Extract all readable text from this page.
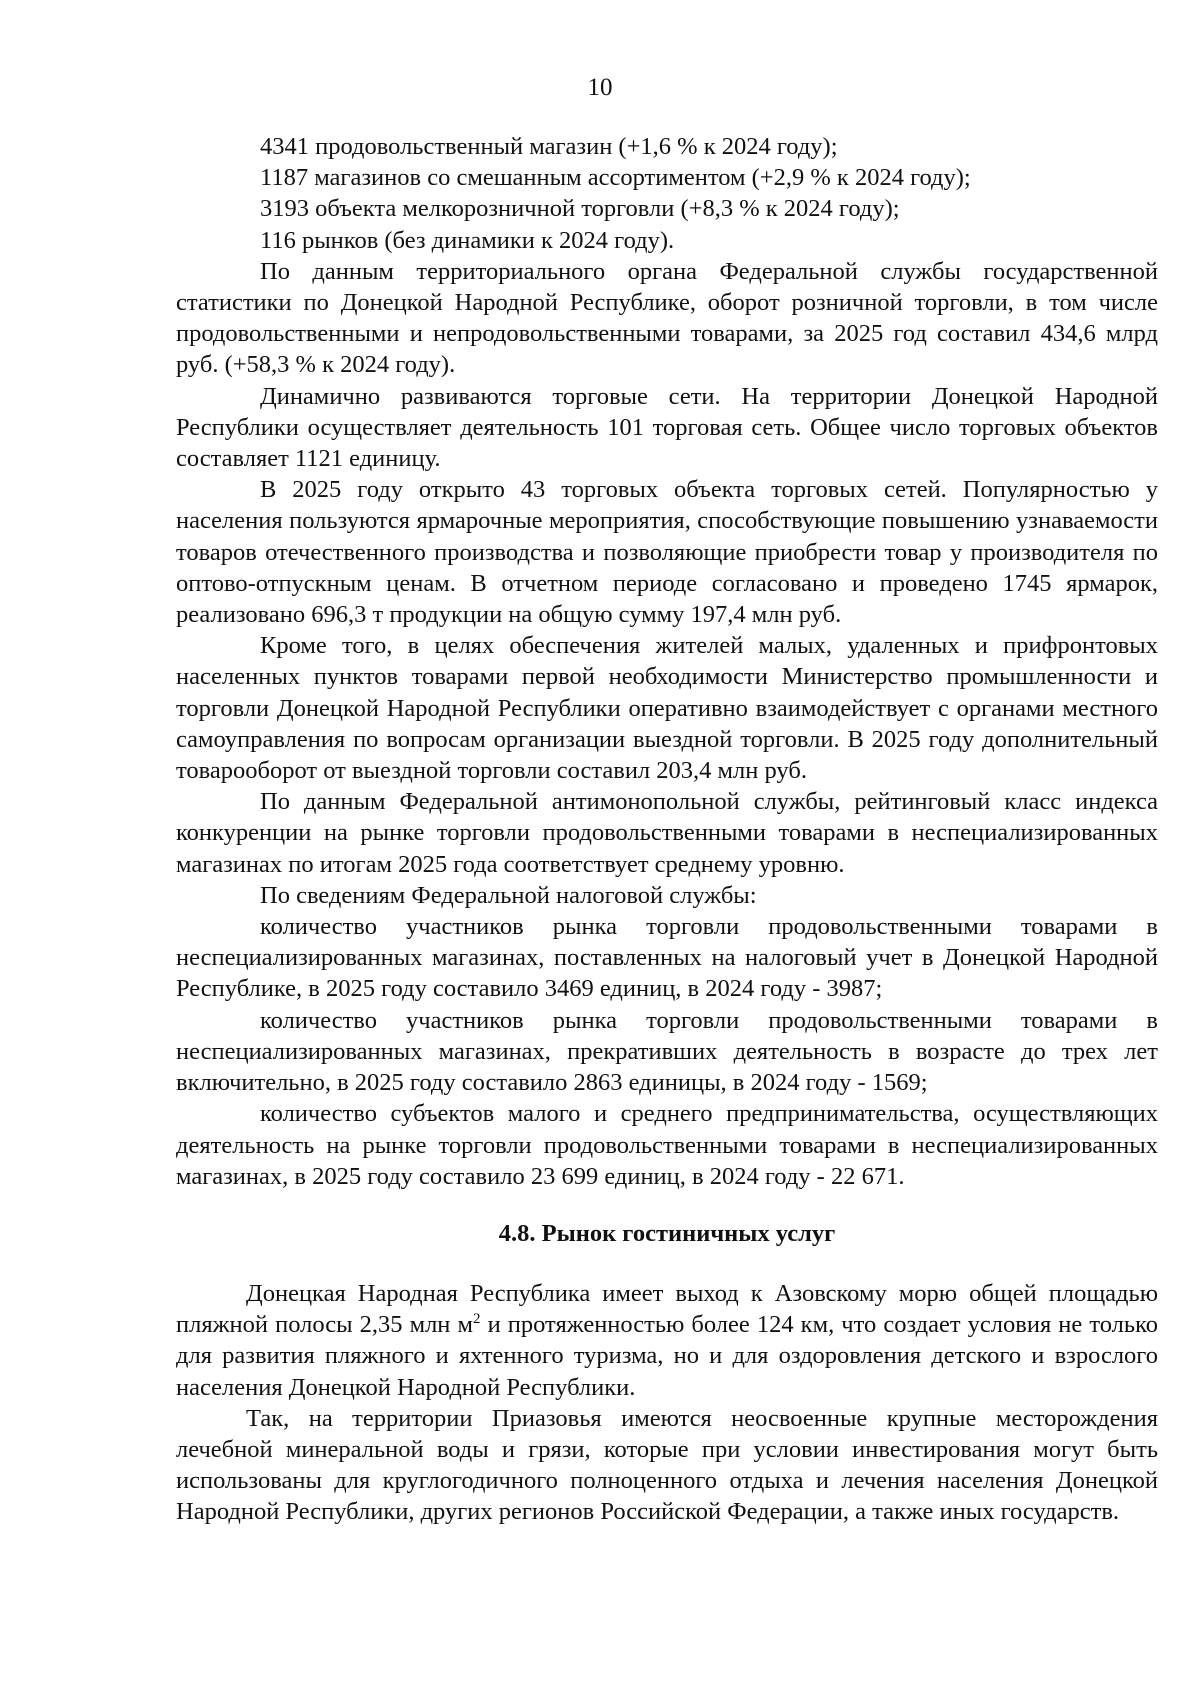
10

4341 продовольственный магазин (+1,6 % к 2024 году);

1187 магазинов со смешанным ассортиментом (+2,9 % к 2024 году);

3193 объекта мелкорозничной торговли (+8,3 % к 2024 году);

116 рынков (без динамики к 2024 году).

По данным территориального органа Федеральной службы государственной статистики по Донецкой Народной Республике, оборот розничной торговли, в том числе продовольственными и непродовольственными товарами, за 2025 год составил 434,6 млрд руб. (+58,3 % к 2024 году).

Динамично развиваются торговые сети. На территории Донецкой Народной Республики осуществляет деятельность 101 торговая сеть. Общее число торговых объектов составляет 1121 единицу.

В 2025 году открыто 43 торговых объекта торговых сетей. Популярностью у населения пользуются ярмарочные мероприятия, способствующие повышению узнаваемости товаров отечественного производства и позволяющие приобрести товар у производителя по оптово-отпускным ценам. В отчетном периоде согласовано и проведено 1745 ярмарок, реализовано 696,3 т продукции на общую сумму 197,4 млн руб.

Кроме того, в целях обеспечения жителей малых, удаленных и прифронтовых населенных пунктов товарами первой необходимости Министерство промышленности и торговли Донецкой Народной Республики оперативно взаимодействует с органами местного самоуправления по вопросам организации выездной торговли. В 2025 году дополнительный товарооборот от выездной торговли составил 203,4 млн руб.

По данным Федеральной антимонопольной службы, рейтинговый класс индекса конкуренции на рынке торговли продовольственными товарами в неспециализированных магазинах по итогам 2025 года соответствует среднему уровню.

По сведениям Федеральной налоговой службы:

количество участников рынка торговли продовольственными товарами в неспециализированных магазинах, поставленных на налоговый учет в Донецкой Народной Республике, в 2025 году составило 3469 единиц, в 2024 году - 3987;

количество участников рынка торговли продовольственными товарами в неспециализированных магазинах, прекративших деятельность в возрасте до трех лет включительно, в 2025 году составило 2863 единицы, в 2024 году - 1569;

количество субъектов малого и среднего предпринимательства, осуществляющих деятельность на рынке торговли продовольственными товарами в неспециализированных магазинах, в 2025 году составило 23 699 единиц, в 2024 году - 22 671.

4.8. Рынок гостиничных услуг

Донецкая Народная Республика имеет выход к Азовскому морю общей площадью пляжной полосы 2,35 млн $м^2$ и протяженностью более 124 км, что создает условия не только для развития пляжного и яхтенного туризма, но и для оздоровления детского и взрослого населения Донецкой Народной Республики.

Так, на территории Приазовья имеются неосвоенные крупные месторождения лечебной минеральной воды и грязи, которые при условии инвестирования могут быть использованы для круглогодичного полноценного отдыха и лечения населения Донецкой Народной Республики, других регионов Российской Федерации, а также иных государств.
